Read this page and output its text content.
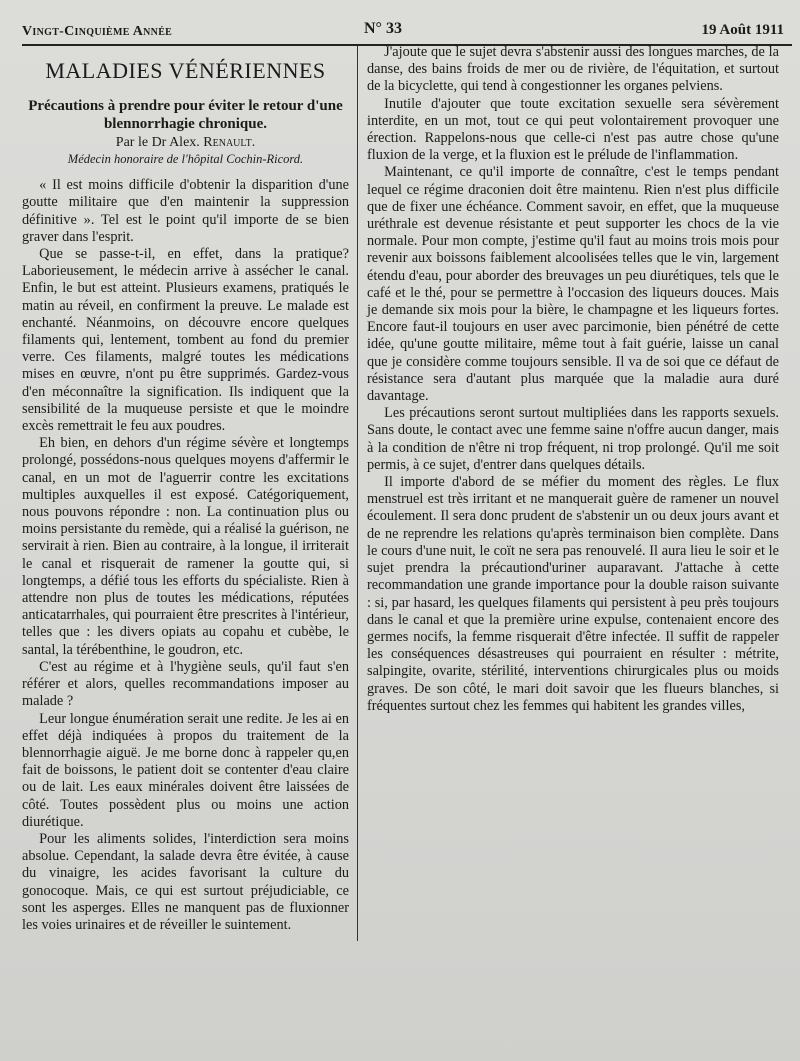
Vingt-Cinquième Année	N° 33	19 Août 1911
MALADIES VÉNÉRIENNES
Précautions à prendre pour éviter le retour d'une blennorrhagie chronique.
Par le Dr Alex. Renault.
Médecin honoraire de l'hôpital Cochin-Ricord.

« Il est moins difficile d'obtenir la disparition d'une goutte militaire que d'en maintenir la suppression définitive ». Tel est le point qu'il importe de se bien graver dans l'esprit.

Que se passe-t-il, en effet, dans la pratique? Laborieusement, le médecin arrive à assécher le canal. Enfin, le but est atteint. Plusieurs examens, pratiqués le matin au réveil, en confirment la preuve. Le malade est enchanté. Néanmoins, on découvre encore quelques filaments qui, lentement, tombent au fond du premier verre. Ces filaments, malgré toutes les médications mises en œuvre, n'ont pu être supprimés. Gardez-vous d'en méconnaître la signification. Ils indiquent que la sensibilité de la muqueuse persiste et que le moindre excès remettrait le feu aux poudres.

Eh bien, en dehors d'un régime sévère et longtemps prolongé, possédons-nous quelques moyens d'affermir le canal, en un mot de l'aguerrir contre les excitations multiples auxquelles il est exposé. Catégoriquement, nous pouvons répondre : non. La continuation plus ou moins persistante du remède, qui a réalisé la guérison, ne servirait à rien. Bien au contraire, à la longue, il irriterait le canal et risquerait de ramener la goutte qui, si longtemps, a défié tous les efforts du spécialiste. Rien à attendre non plus de toutes les médications, réputées anticatarrhales, qui pourraient être prescrites à l'intérieur, telles que : les divers opiats au copahu et cubèbe, le santal, la térébenthine, le goudron, etc.

C'est au régime et à l'hygiène seuls, qu'il faut s'en référer et alors, quelles recommandations imposer au malade ?

Leur longue énumération serait une redite. Je les ai en effet déjà indiquées à propos du traitement de la blennorrhagie aiguë. Je me borne donc à rappeler qu,en fait de boissons, le patient doit se contenter d'eau claire ou de lait. Les eaux minérales doivent être laissées de côté. Toutes possèdent plus ou moins une action diurétique.

Pour les aliments solides, l'interdiction sera moins absolue. Cependant, la salade devra être évitée, à cause du vinaigre, les acides favorisant la culture du gonocoque. Mais, ce qui est surtout préjudiciable, ce sont les asperges. Elles ne manquent pas de fluxionner les voies urinaires et de réveiller le suintement.

J'ajoute que le sujet devra s'abstenir aussi des longues marches, de la danse, des bains froids de mer ou de rivière, de l'équitation, et surtout de la bicyclette, qui tend à congestionner les organes pelviens.

Inutile d'ajouter que toute excitation sexuelle sera sévèrement interdite, en un mot, tout ce qui peut volontairement provoquer une érection. Rappelons-nous que celle-ci n'est pas autre chose qu'une fluxion de la verge, et la fluxion est le prélude de l'inflammation.

Maintenant, ce qu'il importe de connaître, c'est le temps pendant lequel ce régime draconien doit être maintenu. Rien n'est plus difficile que de fixer une échéance. Comment savoir, en effet, que la muqueuse uréthrale est devenue résistante et peut supporter les chocs de la vie normale. Pour mon compte, j'estime qu'il faut au moins trois mois pour revenir aux boissons faiblement alcoolisées telles que le vin, largement étendu d'eau, pour aborder des breuvages un peu diurétiques, tels que le café et le thé, pour se permettre à l'occasion des liqueurs douces. Mais je demande six mois pour la bière, le champagne et les liqueurs fortes. Encore faut-il toujours en user avec parcimonie, bien pénétré de cette idée, qu'une goutte militaire, même tout à fait guérie, laisse un canal que je considère comme toujours sensible. Il va de soi que ce défaut de résistance sera d'autant plus marquée que la maladie aura duré davantage.

Les précautions seront surtout multipliées dans les rapports sexuels. Sans doute, le contact avec une femme saine n'offre aucun danger, mais à la condition de n'être ni trop fréquent, ni trop prolongé. Qu'il me soit permis, à ce sujet, d'entrer dans quelques détails.

Il importe d'abord de se méfier du moment des règles. Le flux menstruel est très irritant et ne manquerait guère de ramener un nouvel écoulement. Il sera donc prudent de s'abstenir un ou deux jours avant et de ne reprendre les relations qu'après terminaison bien complète. Dans le cours d'une nuit, le coït ne sera pas renouvelé. Il aura lieu le soir et le sujet prendra la précautiond'uriner auparavant. J'attache à cette recommandation une grande importance pour la double raison suivante : si, par hasard, les quelques filaments qui persistent à peu près toujours dans le canal et que la première urine expulse, contenaient encore des germes nocifs, la femme risquerait d'être infectée. Il suffit de rappeler les conséquences désastreuses qui pourraient en résulter : métrite, salpingite, ovarite, stérilité, interventions chirurgicales plus ou moids graves. De son côté, le mari doit savoir que les flueurs blanches, si fréquentes surtout chez les femmes qui habitent les grandes villes,
